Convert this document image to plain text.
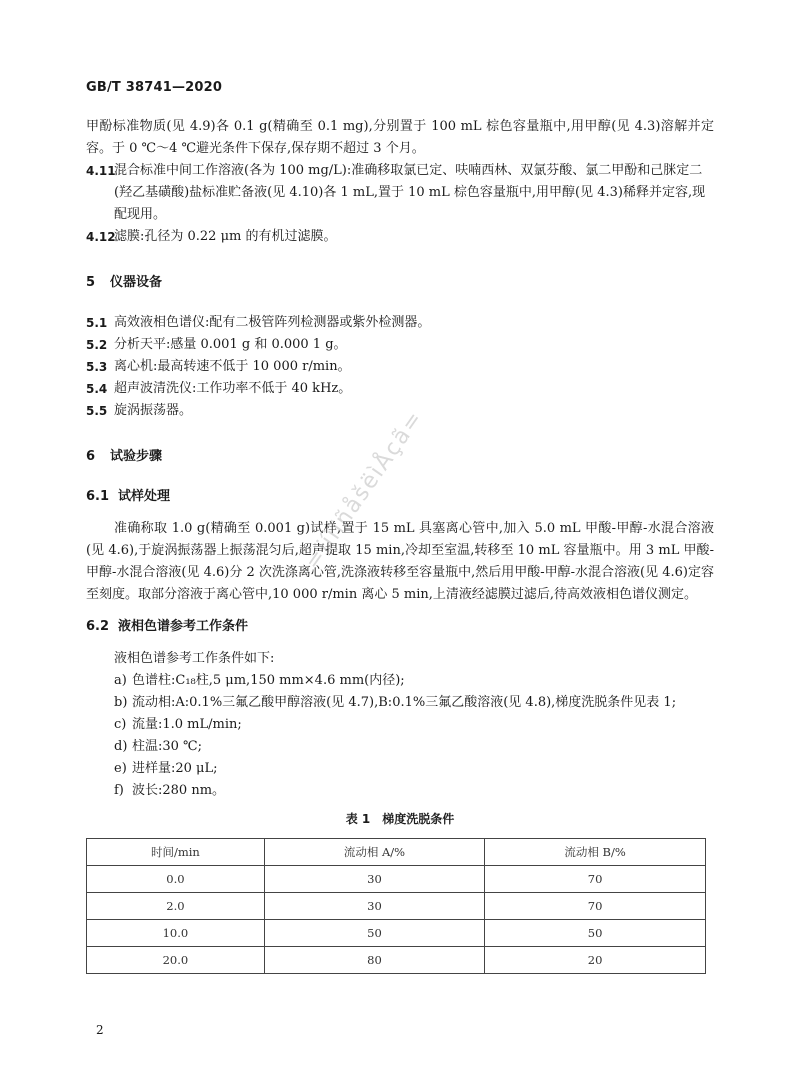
GB/T 38741—2020
=ïíïïñåšëìÅçã=

甲酚标准物质(见 4.9)各 0.1 g(精确至 0.1 mg),分别置于 100 mL 棕色容量瓶中,用甲醇(见 4.3)溶解并定容。于 0 ℃～4 ℃避光条件下保存,保存期不超过 3 个月。

4.11
混合标准中间工作溶液(各为 100 mg/L):准确移取氯已定、呋喃西林、双氯芬酸、氯二甲酚和己脒定二(羟乙基磺酸)盐标准贮备液(见 4.10)各 1 mL,置于 10 mL 棕色容量瓶中,用甲醇(见 4.3)稀释并定容,现配现用。
4.12
滤膜:孔径为 0.22 μm 的有机过滤膜。
5 仪器设备
5.1 高效液相色谱仪:配有二极管阵列检测器或紫外检测器。
5.2 分析天平:感量 0.001 g 和 0.000 1 g。
5.3 离心机:最高转速不低于 10 000 r/min。
5.4 超声波清洗仪:工作功率不低于 40 kHz。
5.5 旋涡振荡器。
6 试验步骤
6.1 试样处理

准确称取 1.0 g(精确至 0.001 g)试样,置于 15 mL 具塞离心管中,加入 5.0 mL 甲酸-甲醇-水混合溶液(见 4.6),于旋涡振荡器上振荡混匀后,超声提取 15 min,冷却至室温,转移至 10 mL 容量瓶中。用 3 mL 甲酸-甲醇-水混合溶液(见 4.6)分 2 次洗涤离心管,洗涤液转移至容量瓶中,然后用甲酸-甲醇-水混合溶液(见 4.6)定容至刻度。取部分溶液于离心管中,10 000 r/min 离心 5 min,上清液经滤膜过滤后,待高效液相色谱仪测定。

6.2 液相色谱参考工作条件

液相色谱参考工作条件如下:

a) 色谱柱:C₁₈柱,5 μm,150 mm×4.6 mm(内径);
b) 流动相:A:0.1%三氟乙酸甲醇溶液(见 4.7),B:0.1%三氟乙酸溶液(见 4.8),梯度洗脱条件见表 1;
c) 流量:1.0 mL/min;
d) 柱温:30 ℃;
e) 进样量:20 μL;
f) 波长:280 nm。
表 1　梯度洗脱条件
时间/min	流动相 A/%	流动相 B/%
0.0	30	70
2.0	30	70
10.0	50	50
20.0	80	20
2
